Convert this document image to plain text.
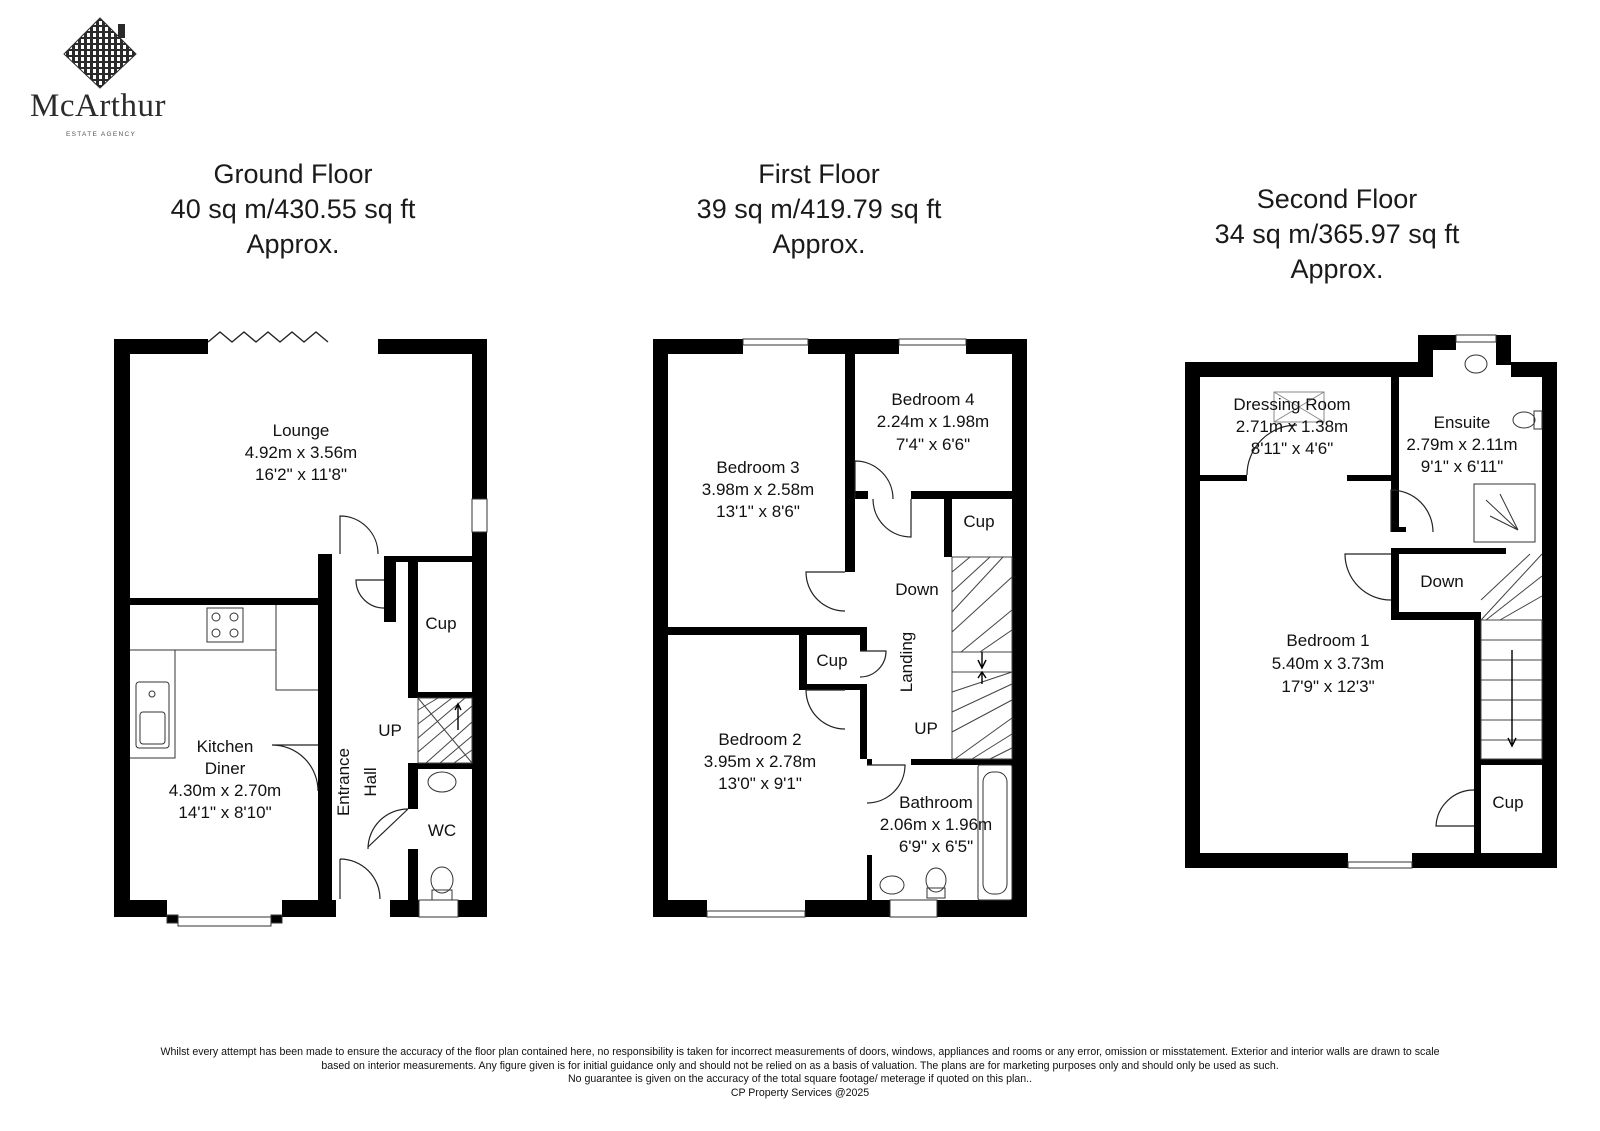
McArthur
ESTATE AGENCY
Ground Floor
40 sq m/430.55 sq ft
Approx.
First Floor
39 sq m/419.79 sq ft
Approx.
Second Floor
34 sq m/365.97 sq ft
Approx.
Lounge
4.92m x 3.56m
16'2" x 11'8"
Kitchen
Diner
4.30m x 2.70m
14'1" x 8'10"	Entrance Hall
Cup
UP
WC
Bedroom 3
3.98m x 2.58m
13'1" x 8'6"
Bedroom 4
2.24m x 1.98m
7'4" x 6'6"
Cup
Down
Landing
Cup
UP
Bedroom 2
3.95m x 2.78m
13'0" x 9'1"
Bathroom
2.06m x 1.96m
6'9" x 6'5"
Dressing Room
2.71m x 1.38m
8'11" x 4'6"
Ensuite
2.79m x 2.11m
9'1" x 6'11"
Down
Bedroom 1
5.40m x 3.73m
17'9" x 12'3"
Cup
Whilst every attempt has been made to ensure the accuracy of the floor plan contained here, no responsibility is taken for incorrect measurements of doors, windows, appliances and rooms or any error, omission or misstatement. Exterior and interior walls are drawn to scale
based on interior measurements. Any figure given is for initial guidance only and should not be relied on as a basis of valuation. The plans are for marketing purposes only and should only be used as such.
No guarantee is given on the accuracy of the total square footage/ meterage if quoted on this plan..
CP Property Services @2025
